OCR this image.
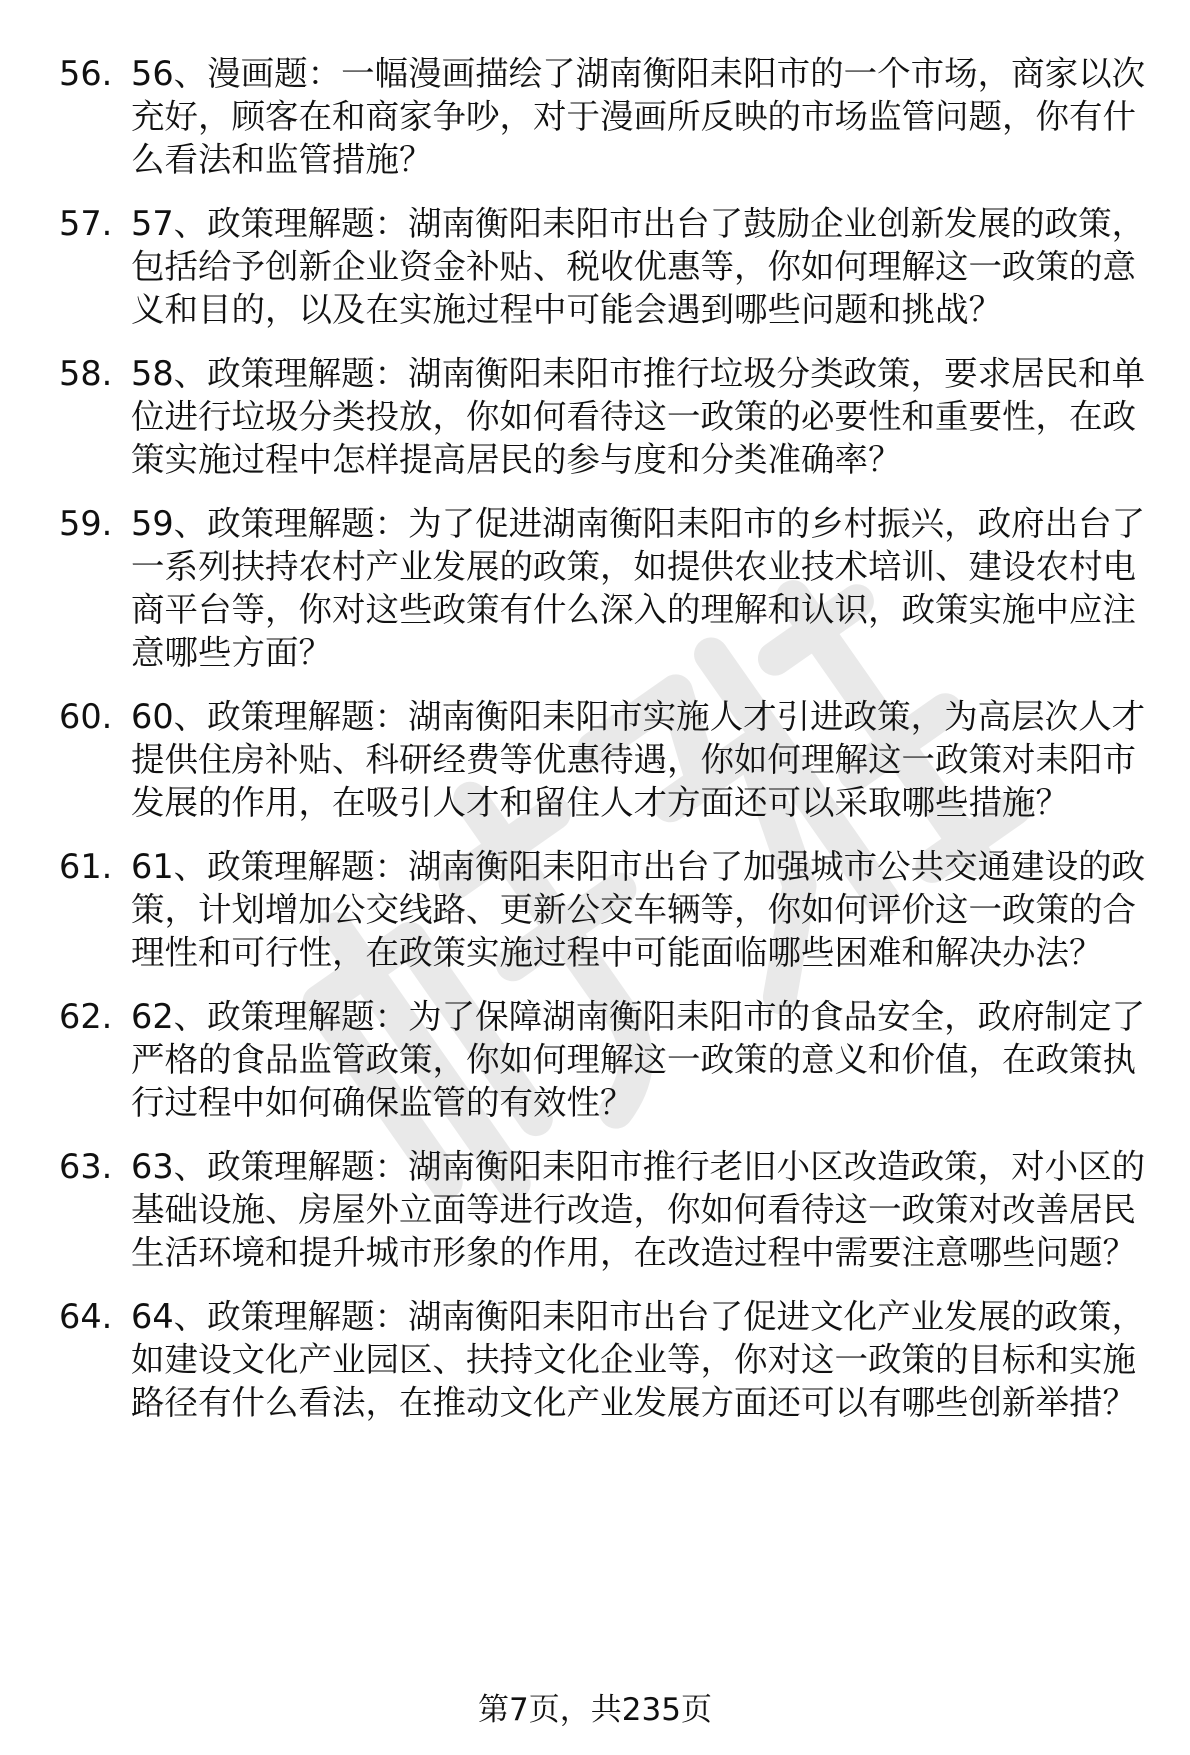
56. 56、漫画题：一幅漫画描绘了湖南衡阳耒阳市的一个市场，商家以次充好，顾客在和商家争吵，对于漫画所反映的市场监管问题，你有什么看法和监管措施？
57. 57、政策理解题：湖南衡阳耒阳市出台了鼓励企业创新发展的政策，包括给予创新企业资金补贴、税收优惠等，你如何理解这一政策的意义和目的，以及在实施过程中可能会遇到哪些问题和挑战？
58. 58、政策理解题：湖南衡阳耒阳市推行垃圾分类政策，要求居民和单位进行垃圾分类投放，你如何看待这一政策的必要性和重要性，在政策实施过程中怎样提高居民的参与度和分类准确率？
59. 59、政策理解题：为了促进湖南衡阳耒阳市的乡村振兴，政府出台了一系列扶持农村产业发展的政策，如提供农业技术培训、建设农村电商平台等，你对这些政策有什么深入的理解和认识，政策实施中应注意哪些方面？
60. 60、政策理解题：湖南衡阳耒阳市实施人才引进政策，为高层次人才提供住房补贴、科研经费等优惠待遇，你如何理解这一政策对耒阳市发展的作用，在吸引人才和留住人才方面还可以采取哪些措施？
61. 61、政策理解题：湖南衡阳耒阳市出台了加强城市公共交通建设的政策，计划增加公交线路、更新公交车辆等，你如何评价这一政策的合理性和可行性，在政策实施过程中可能面临哪些困难和解决办法？
62. 62、政策理解题：为了保障湖南衡阳耒阳市的食品安全，政府制定了严格的食品监管政策，你如何理解这一政策的意义和价值，在政策执行过程中如何确保监管的有效性？
63. 63、政策理解题：湖南衡阳耒阳市推行老旧小区改造政策，对小区的基础设施、房屋外立面等进行改造，你如何看待这一政策对改善居民生活环境和提升城市形象的作用，在改造过程中需要注意哪些问题？
64. 64、政策理解题：湖南衡阳耒阳市出台了促进文化产业发展的政策，如建设文化产业园区、扶持文化企业等，你对这一政策的目标和实施路径有什么看法，在推动文化产业发展方面还可以有哪些创新举措？
第7页，共235页
